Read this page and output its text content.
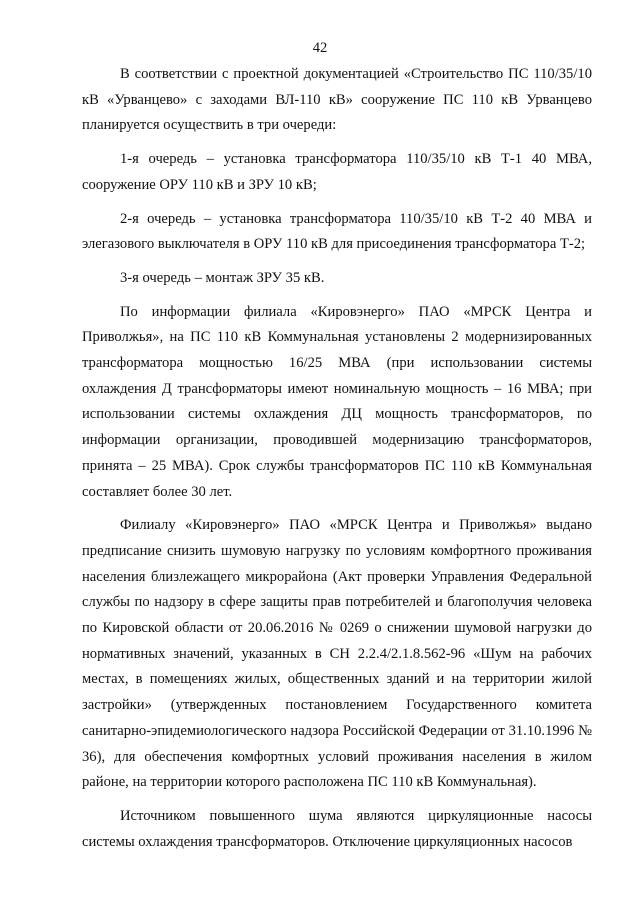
42

В соответствии с проектной документацией «Строительство ПС 110/35/10 кВ «Урванцево» с заходами ВЛ-110 кВ» сооружение ПС 110 кВ Урванцево планируется осуществить в три очереди:

1-я очередь – установка трансформатора 110/35/10 кВ Т-1 40 МВА, сооружение ОРУ 110 кВ и ЗРУ 10 кВ;

2-я очередь – установка трансформатора 110/35/10 кВ Т-2 40 МВА и элегазового выключателя в ОРУ 110 кВ для присоединения трансформатора Т-2;

3-я очередь – монтаж ЗРУ 35 кВ.

По информации филиала «Кировэнерго» ПАО «МРСК Центра и Приволжья», на ПС 110 кВ Коммунальная установлены 2 модернизированных трансформатора мощностью 16/25 МВА (при использовании системы охлаждения Д трансформаторы имеют номинальную мощность – 16 МВА; при использовании системы охлаждения ДЦ мощность трансформаторов, по информации организации, проводившей модернизацию трансформаторов, принята – 25 МВА). Срок службы трансформаторов ПС 110 кВ Коммунальная составляет более 30 лет.

Филиалу «Кировэнерго» ПАО «МРСК Центра и Приволжья» выдано предписание снизить шумовую нагрузку по условиям комфортного проживания населения близлежащего микрорайона (Акт проверки Управления Федеральной службы по надзору в сфере защиты прав потребителей и благополучия человека по Кировской области от 20.06.2016 № 0269 о снижении шумовой нагрузки до нормативных значений, указанных в СН 2.2.4/2.1.8.562-96 «Шум на рабочих местах, в помещениях жилых, общественных зданий и на территории жилой застройки» (утвержденных постановлением Государственного комитета санитарно-эпидемиологического надзора Российской Федерации от 31.10.1996 № 36), для обеспечения комфортных условий проживания населения в жилом районе, на территории которого расположена ПС 110 кВ Коммунальная).

Источником повышенного шума являются циркуляционные насосы системы охлаждения трансформаторов. Отключение циркуляционных насосов
